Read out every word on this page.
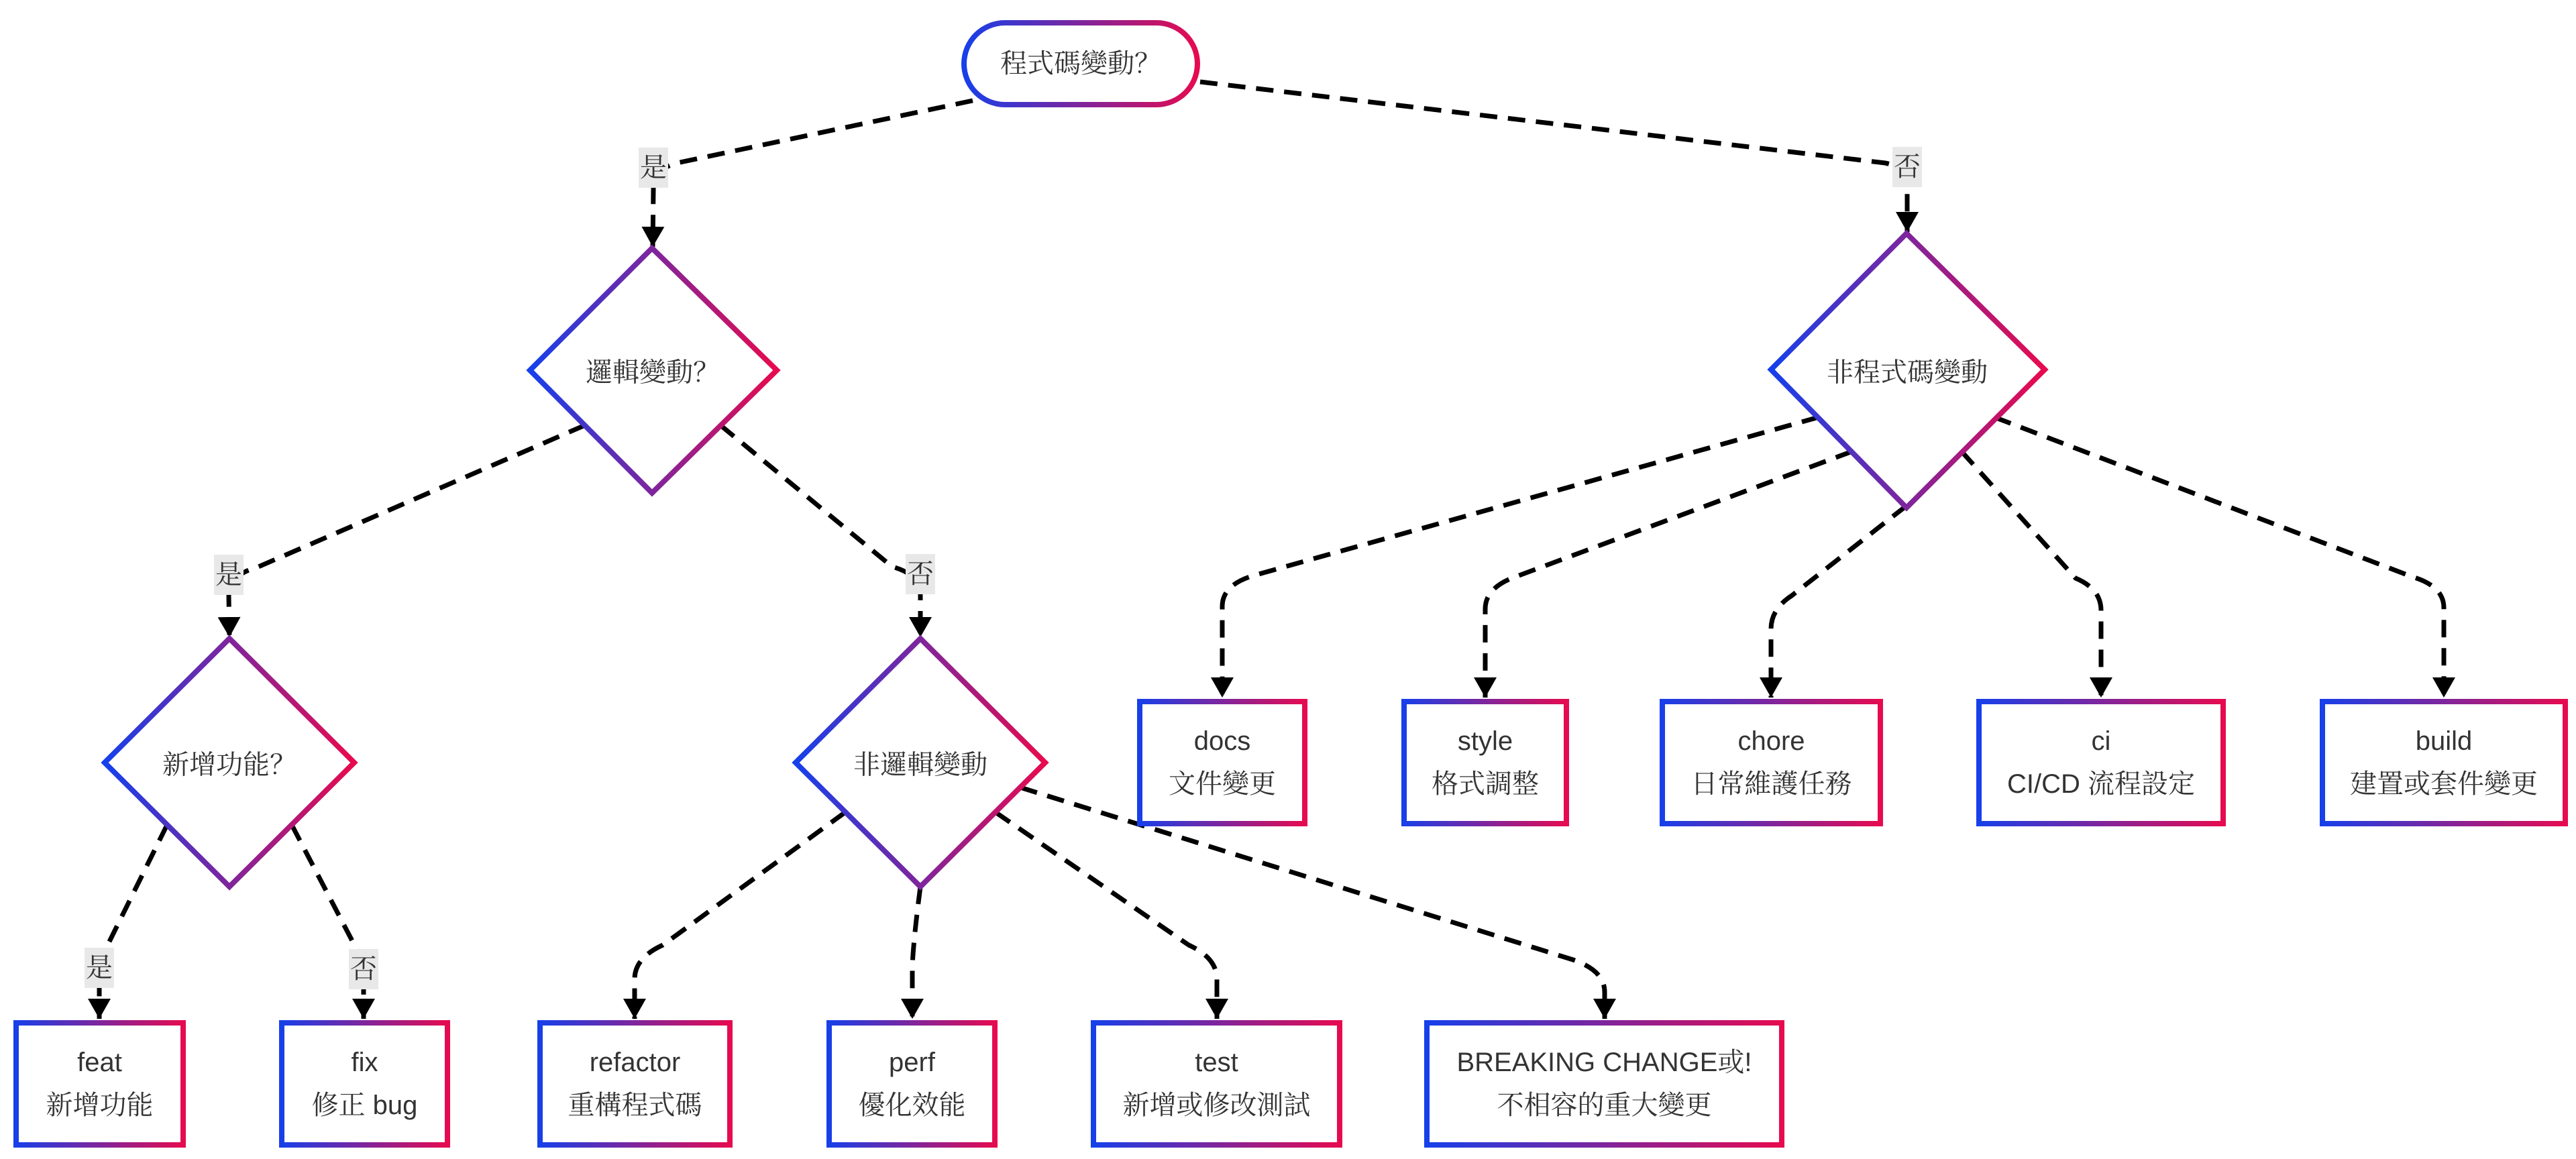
程式碼變動？
邏輯變動？	非程式碼變動
新增功能？	非邏輯變動
feat
新增功能
fix
修正 bug
refactor
重構程式碼
perf
優化效能
test
新增或修改測試
BREAKING CHANGE或!
不相容的重大變更
docs
文件變更
style
格式調整
chore
日常維護任務
ci
CI/CD 流程設定
build
建置或套件變更
是	否
是	否
是	否
